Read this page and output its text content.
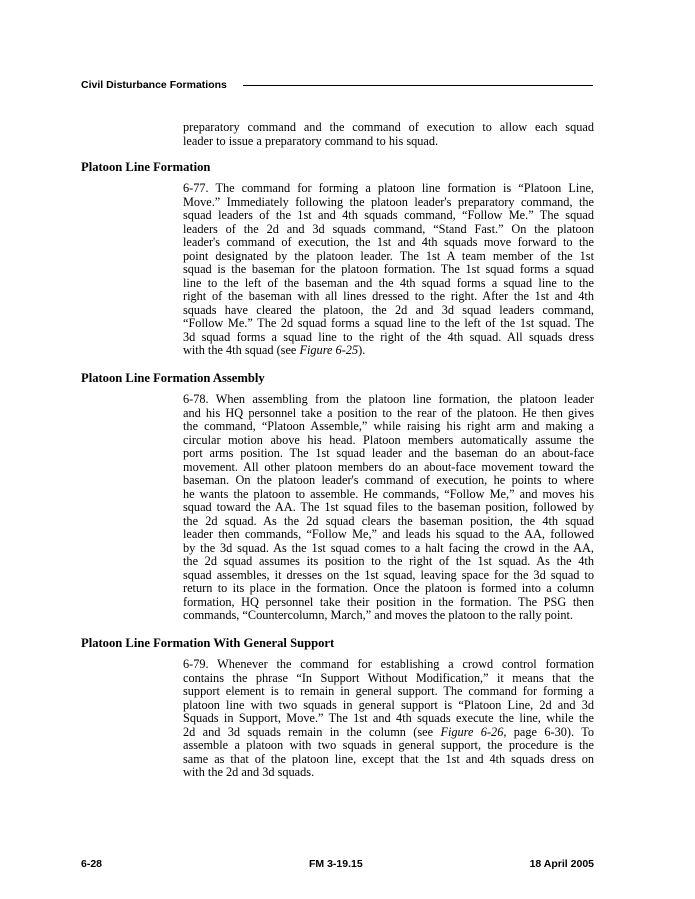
Civil Disturbance Formations

preparatory command and the command of execution to allow each squad
leader to issue a preparatory command to his squad.

Platoon Line Formation

6-77. The command for forming a platoon line formation is “Platoon Line,
Move.” Immediately following the platoon leader's preparatory command, the
squad leaders of the 1st and 4th squads command, “Follow Me.” The squad
leaders of the 2d and 3d squads command, “Stand Fast.” On the platoon
leader's command of execution, the 1st and 4th squads move forward to the
point designated by the platoon leader. The 1st A team member of the 1st
squad is the baseman for the platoon formation. The 1st squad forms a squad
line to the left of the baseman and the 4th squad forms a squad line to the
right of the baseman with all lines dressed to the right. After the 1st and 4th
squads have cleared the platoon, the 2d and 3d squad leaders command,
“Follow Me.” The 2d squad forms a squad line to the left of the 1st squad. The
3d squad forms a squad line to the right of the 4th squad. All squads dress
with the 4th squad (see Figure 6-25).

Platoon Line Formation Assembly

6-78. When assembling from the platoon line formation, the platoon leader
and his HQ personnel take a position to the rear of the platoon. He then gives
the command, “Platoon Assemble,” while raising his right arm and making a
circular motion above his head. Platoon members automatically assume the
port arms position. The 1st squad leader and the baseman do an about-face
movement. All other platoon members do an about-face movement toward the
baseman. On the platoon leader's command of execution, he points to where
he wants the platoon to assemble. He commands, “Follow Me,” and moves his
squad toward the AA. The 1st squad files to the baseman position, followed by
the 2d squad. As the 2d squad clears the baseman position, the 4th squad
leader then commands, “Follow Me,” and leads his squad to the AA, followed
by the 3d squad. As the 1st squad comes to a halt facing the crowd in the AA,
the 2d squad assumes its position to the right of the 1st squad. As the 4th
squad assembles, it dresses on the 1st squad, leaving space for the 3d squad to
return to its place in the formation. Once the platoon is formed into a column
formation, HQ personnel take their position in the formation. The PSG then
commands, “Countercolumn, March,” and moves the platoon to the rally point.

Platoon Line Formation With General Support

6-79. Whenever the command for establishing a crowd control formation
contains the phrase “In Support Without Modification,” it means that the
support element is to remain in general support. The command for forming a
platoon line with two squads in general support is “Platoon Line, 2d and 3d
Squads in Support, Move.” The 1st and 4th squads execute the line, while the
2d and 3d squads remain in the column (see Figure 6-26, page 6-30). To
assemble a platoon with two squads in general support, the procedure is the
same as that of the platoon line, except that the 1st and 4th squads dress on
with the 2d and 3d squads.

6-28	FM 3-19.15	18 April 2005
